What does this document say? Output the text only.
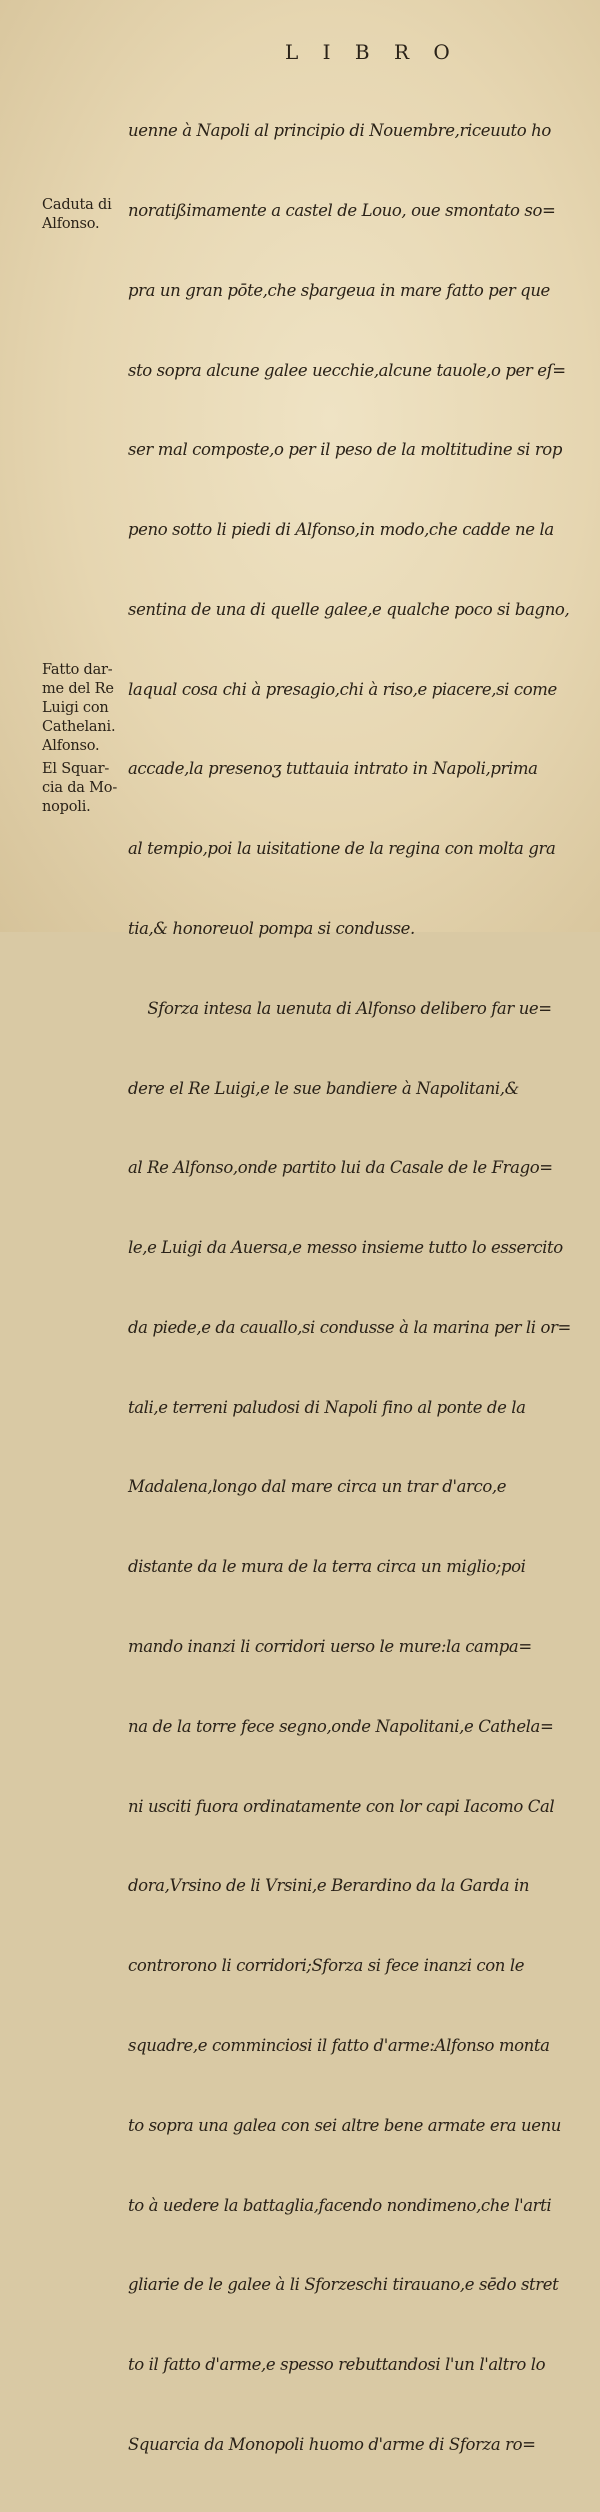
L I B R O

uenne à Napoli al principio di Nouembre,riceuuto ho

noratißimamente a castel de Louo, oue smontato so=

pra un gran pōte,che sþargeua in mare fatto per que

sto sopra alcune galee uecchie,alcune tauole,o per eſ=

ser mal composte,o per il peso de la moltitudine si rop

peno sotto li piedi di Alfonso,in modo,che cadde ne la

sentina de una di quelle galee,e qualche poco si bagno,

laqual cosa chi à presagio,chi à riso,e piacere,si come

accade,la presenoʒ tuttauia intrato in Napoli,prima

al tempio,poi la uisitatione de la regina con molta gra

tia,& honoreuol pompa si condusse.

Sforza intesa la uenuta di Alfonso delibero far ue=

dere el Re Luigi,e le sue bandiere à Napolitani,&

al Re Alfonso,onde partito lui da Casale de le Frago=

le,e Luigi da Auersa,e messo insieme tutto lo essercito

da piede,e da cauallo,si condusse à la marina per li or=

tali,e terreni paludosi di Napoli fino al ponte de la

Madalena,longo dal mare circa un trar d'arco,e

distante da le mura de la terra circa un miglio;poi

mando inanzi li corridori uerso le mure:la campa=

na de la torre fece segno,onde Napolitani,e Cathela=

ni usciti fuora ordinatamente con lor capi Iacomo Cal

dora,Vrsino de li Vrsini,e Berardino da la Garda in

controrono li corridori;Sforza si fece inanzi con le

squadre,e comminciosi il fatto d'arme:Alfonso monta

to sopra una galea con sei altre bene armate era uenu

to à uedere la battaglia,facendo nondimeno,che l'arti

gliarie de le galee à li Sforzeschi tirauano,e sēdo stret

to il fatto d'arme,e spesso rebuttandosi l'un l'altro lo

Squarcia da Monopoli huomo d'arme di Sforza ro=

Caduta di
Alfonso.
Fatto dar-
me del Re
Luigi con
Cathelani.
Alfonso.
El Squar-
cia da Mo-
nopoli.
